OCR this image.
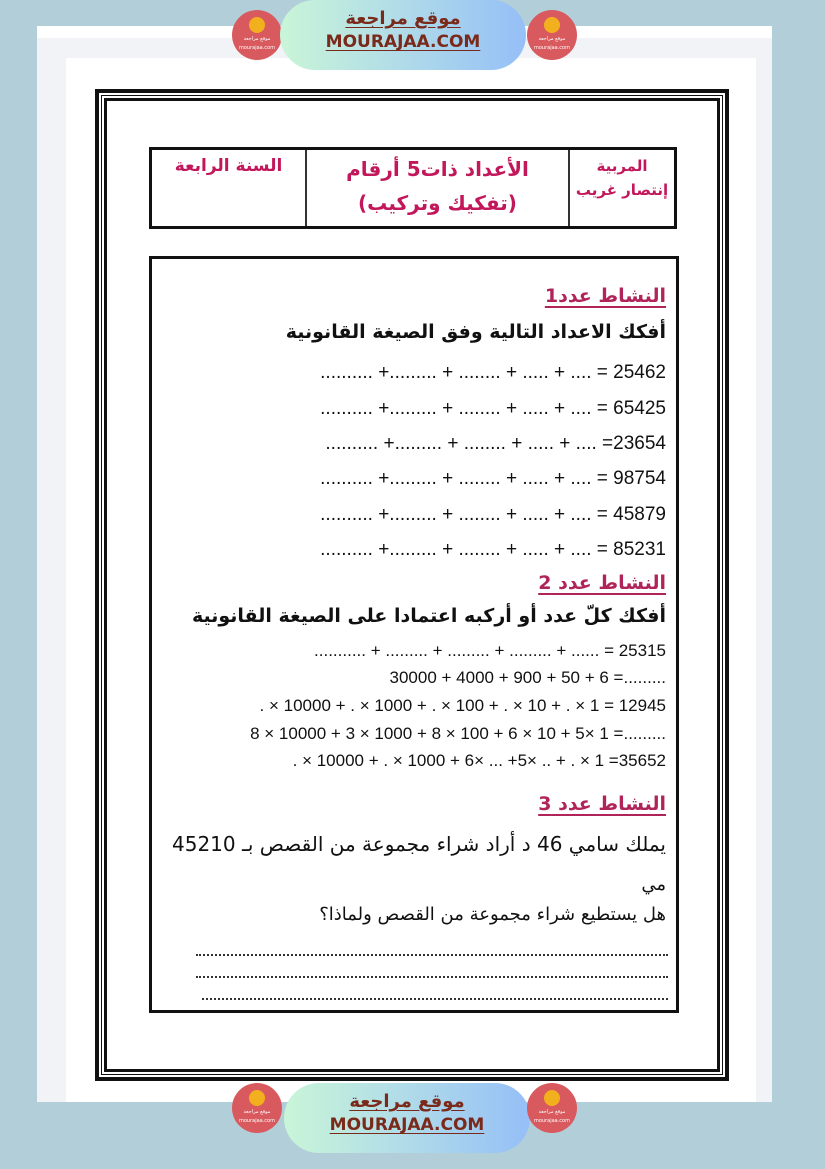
موقع مراجعة
mourajaa.com
موقع مراجعة
MOURAJAA.COM	موقع مراجعة
mourajaa.com
السنة الرابعة	الأعداد ذات5 أرقام
(تفكيك وتركيب)
المربية
إنتصار غريب
النشاط عدد1
أفكك الاعداد التالية وفق الصيغة القانونية
.......... +......... + ........ + ..... + .... = 25462
.......... +......... + ........ + ..... + .... = 65425
.......... +......... + ........ + ..... + .... =23654
.......... +......... + ........ + ..... + .... = 98754
.......... +......... + ........ + ..... + .... = 45879
.......... +......... + ........ + ..... + .... = 85231
النشاط عدد 2
أفكك كلّ عدد أو أركبه اعتمادا على الصيغة القانونية
........... + ......... + ......... + ......... + ...... = 25315
30000 + 4000 + 900 + 50 + 6 =.........
. × 10000 + . × 1000 + . × 100 + . × 10 + . × 1 = 12945
8 × 10000 + 3 × 1000 + 8 × 100 + 6 × 10 + 5× 1 =.........
. × 10000 + . × 1000 + 6× ... +5× .. + . × 1 =35652
النشاط عدد 3
يملك سامي 46 د أراد شراء مجموعة من القصص بـ 45210
مي
هل يستطيع شراء مجموعة من القصص ولماذا؟
موقع مراجعة
mourajaa.com
موقع مراجعة
MOURAJAA.COM
موقع مراجعة
mourajaa.com
